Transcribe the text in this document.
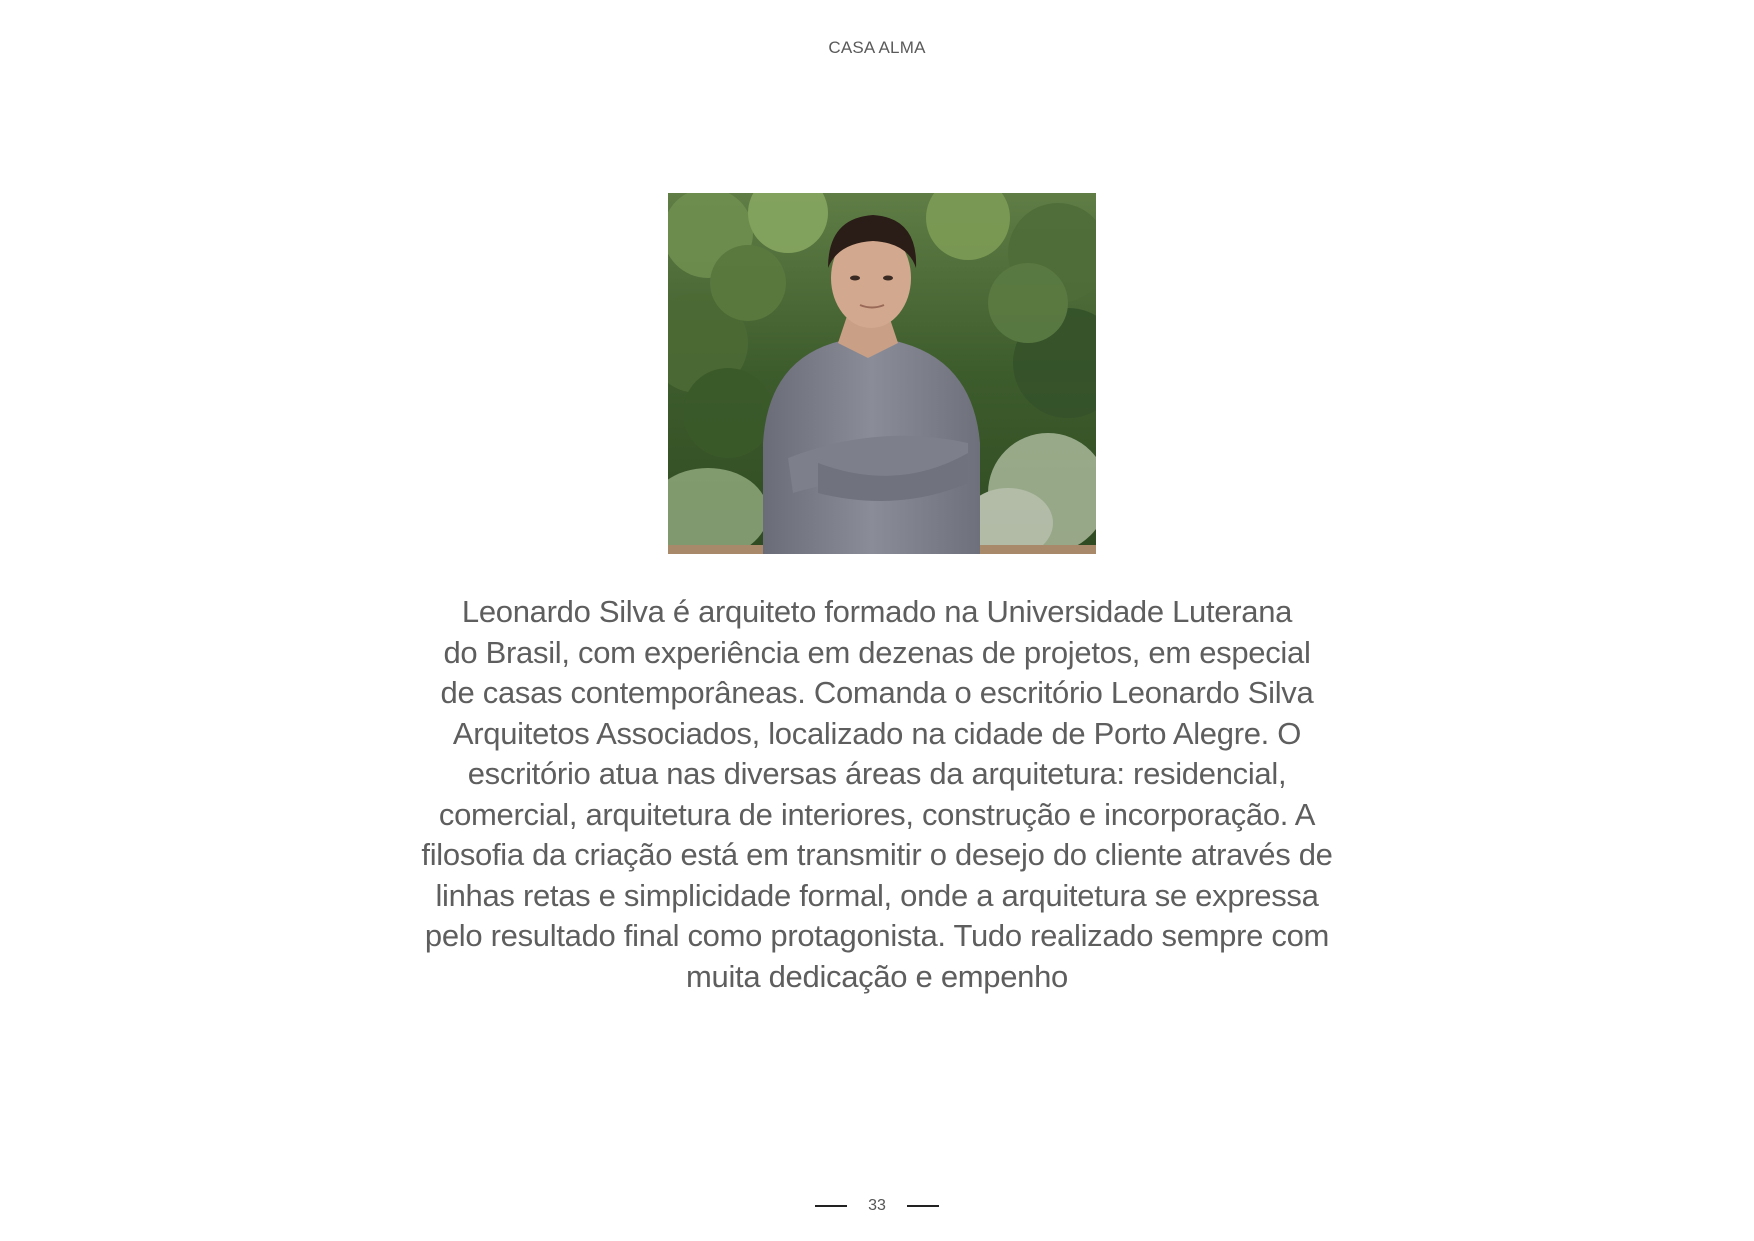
CASA ALMA
Leonardo Silva é arquiteto formado na Universidade Luterana
do Brasil, com experiência em dezenas de projetos, em especial
de casas contemporâneas. Comanda o escritório Leonardo Silva
Arquitetos Associados, localizado na cidade de Porto Alegre. O
escritório atua nas diversas áreas da arquitetura: residencial,
comercial, arquitetura de interiores, construção e incorporação. A
filosofia da criação está em transmitir o desejo do cliente através de
linhas retas e simplicidade formal, onde a arquitetura se expressa
pelo resultado final como protagonista. Tudo realizado sempre com
muita dedicação e empenho
33
